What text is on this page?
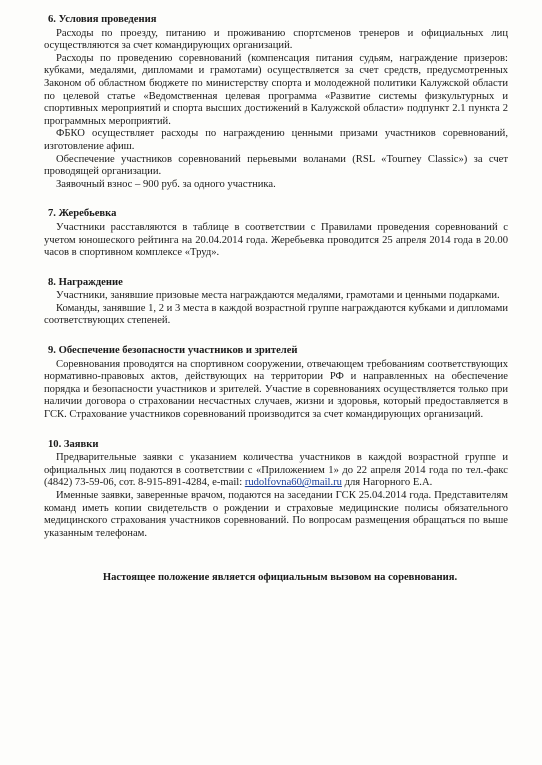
6. Условия проведения

Расходы по проезду, питанию и проживанию спортсменов тренеров и официальных лиц осуществляются за счет командирующих организаций.

Расходы по проведению соревнований (компенсация питания судьям, награждение призеров: кубками, медалями, дипломами и грамотами) осуществляется за счет средств, предусмотренных Законом об областном бюджете по министерству спорта и молодежной политики Калужской области по целевой статье «Ведомственная целевая программа «Развитие системы физкультурных и спортивных мероприятий и спорта высших достижений в Калужской области» подпункт 2.1 пункта 2 программных мероприятий.

ФБКО осуществляет расходы по награждению ценными призами участников соревнований, изготовление афиш.

Обеспечение участников соревнований перьевыми воланами (RSL «Tourney Classic») за счет проводящей организации.

Заявочный взнос – 900 руб. за одного участника.

7. Жеребьевка

Участники расставляются в таблице в соответствии с Правилами проведения соревнований с учетом юношеского рейтинга на 20.04.2014 года. Жеребьевка проводится 25 апреля 2014 года в 20.00 часов в спортивном комплексе «Труд».

8. Награждение

Участники, занявшие призовые места награждаются медалями, грамотами и ценными подарками.

Команды, занявшие 1, 2 и 3 места в каждой возрастной группе награждаются кубками и дипломами соответствующих степеней.

9. Обеспечение безопасности участников и зрителей

Соревнования проводятся на спортивном сооружении, отвечающем требованиям соответствующих нормативно-правовых актов, действующих на территории РФ и направленных на обеспечение порядка и безопасности участников и зрителей. Участие в соревнованиях осуществляется только при наличии договора о страховании несчастных случаев, жизни и здоровья, который предоставляется в ГСК. Страхование участников соревнований производится за счет командирующих организаций.

10. Заявки

Предварительные заявки с указанием количества участников в каждой возрастной группе и официальных лиц подаются в соответствии с «Приложением 1» до 22 апреля 2014 года по тел.-факс (4842) 73-59-06, сот. 8-915-891-4284, e-mail: rudolfovna60@mail.ru для Нагорного Е.А.

Именные заявки, заверенные врачом, подаются на заседании ГСК 25.04.2014 года. Представителям команд иметь копии свидетельств о рождении и страховые медицинские полисы обязательного медицинского страхования участников соревнований. По вопросам размещения обращаться по выше указанным телефонам.

Настоящее положение является официальным вызовом на соревнования.
